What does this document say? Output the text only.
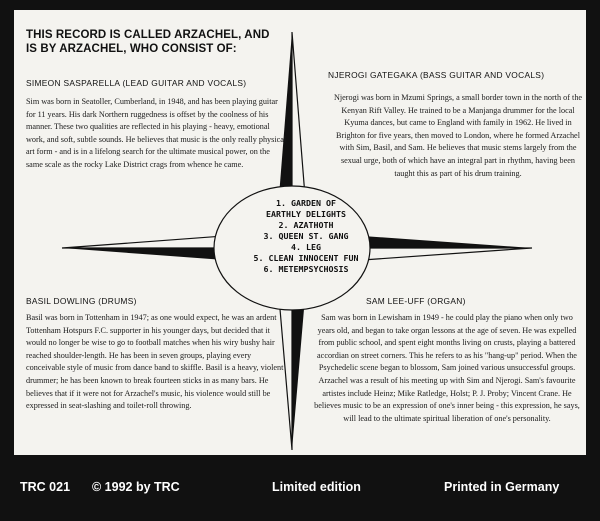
THIS RECORD IS CALLED ARZACHEL, AND
IS BY ARZACHEL, WHO CONSIST OF:
SIMEON SASPARELLA (LEAD GUITAR AND VOCALS)
Sim was born in Seatoller, Cumberland, in 1948, and has been playing guitar for 11 years. His dark Northern ruggedness is offset by the coolness of his manner. These two qualities are reflected in his playing - heavy, emotional work, and soft, subtle sounds. He believes that music is the only really physical art form - and is in a lifelong search for the ultimate musical power, on the same scale as the rocky Lake District crags from whence he came.
NJEROGI GATEGAKA (BASS GUITAR AND VOCALS)
Njerogi was born in Mzumi Springs, a small border town in the north of the Kenyan Rift Valley. He trained to be a Manjanga drummer for the local Kyuma dances, but came to England with family in 1962. He lived in Brighton for five years, then moved to London, where he formed Arzachel with Sim, Basil, and Sam. He believes that music stems largely from the sexual urge, both of which have an integral part in rhythm, having been taught this as part of his drum training.
BASIL DOWLING (DRUMS)
Basil was born in Tottenham in 1947; as one would expect, he was an ardent Tottenham Hotspurs F.C. supporter in his younger days, but decided that it would no longer be wise to go to football matches when his wiry bushy hair reached shoulder-length. He has been in seven groups, playing every conceivable style of music from dance band to skiffle. Basil is a heavy, violent drummer; he has been known to break fourteen sticks in as many bars. He believes that if it were not for Arzachel's music, his violence would still be expressed in seat-slashing and toilet-roll throwing.
SAM LEE-UFF (ORGAN)
Sam was born in Lewisham in 1949 - he could play the piano when only two years old, and began to take organ lessons at the age of seven. He was expelled from public school, and spent eight months living on crusts, playing a battered accordian on street corners. This he refers to as his "hang-up" period. When the Psychedelic scene began to blossom, Sam joined various unsuccessful groups. Arzachel was a result of his meeting up with Sim and Njerogi. Sam's favourite artistes include Heinz; Mike Ratledge, Holst; P. J. Proby; Vincent Crane. He believes music to be an expression of one's inner being - this expression, he says, will lead to the ultimate spiritual liberation of one's personality.
1. GARDEN OF
EARTHLY DELIGHTS
2. AZATHOTH
3. QUEEN ST. GANG
4. LEG
5. CLEAN INNOCENT FUN
6. METEMPSYCHOSIS
TRC 021 © 1992 by TRC	Limited edition	Printed in Germany
